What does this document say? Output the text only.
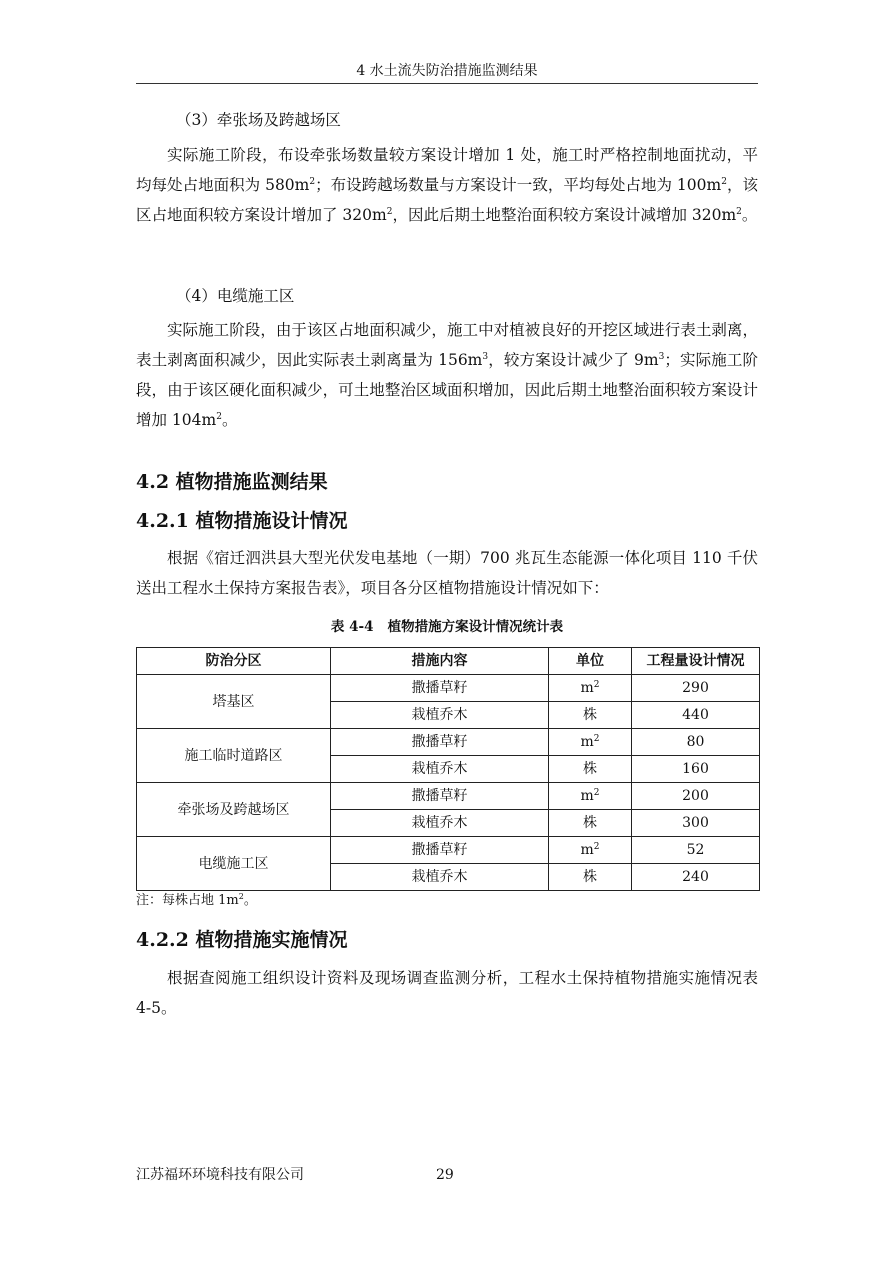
4 水土流失防治措施监测结果
（3）牵张场及跨越场区
实际施工阶段，布设牵张场数量较方案设计增加 1 处，施工时严格控制地面扰动，平均每处占地面积为 $580m^2$；布设跨越场数量与方案设计一致，平均每处占地为 $100m^2$，该区占地面积较方案设计增加了 $320m^2$，因此后期土地整治面积较方案设计减增加 $320m^2$。
（4）电缆施工区
实际施工阶段，由于该区占地面积减少，施工中对植被良好的开挖区域进行表土剥离，表土剥离面积减少，因此实际表土剥离量为 $156m^3$，较方案设计减少了 $9m^3$；实际施工阶段，由于该区硬化面积减少，可土地整治区域面积增加，因此后期土地整治面积较方案设计增加 $104m^2$。
4.2 植物措施监测结果
4.2.1 植物措施设计情况
根据《宿迁泗洪县大型光伏发电基地（一期）700 兆瓦生态能源一体化项目 110 千伏送出工程水土保持方案报告表》，项目各分区植物措施设计情况如下：
表 4-4   植物措施方案设计情况统计表
防治分区	措施内容	单位	工程量设计情况
塔基区	撒播草籽	$m^2$	290
	栽植乔木	株	440
施工临时道路区	撒播草籽	$m^2$	80
	栽植乔木	株	160
牵张场及跨越场区	撒播草籽	$m^2$	200
	栽植乔木	株	300
电缆施工区	撒播草籽	$m^2$	52
	栽植乔木	株	240
注：每株占地 $1m^2$。
4.2.2 植物措施实施情况
根据查阅施工组织设计资料及现场调查监测分析，工程水土保持植物措施实施情况表 4-5。
江苏福环环境科技有限公司	29
